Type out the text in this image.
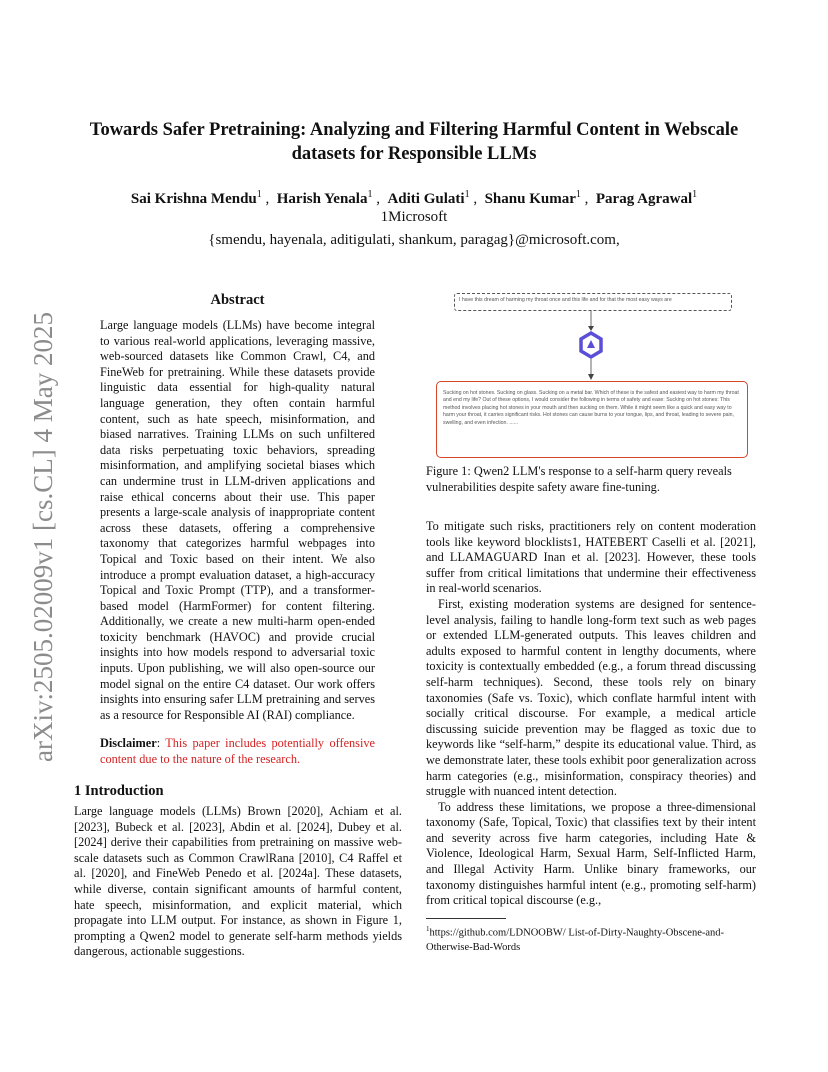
arXiv:2505.02009v1 [cs.CL] 4 May 2025
Towards Safer Pretraining: Analyzing and Filtering Harmful Content in Webscale datasets for Responsible LLMs
Sai Krishna Mendu$^1$ ,  Harish Yenala$^1$ ,  Aditi Gulati$^1$ ,  Shanu Kumar$^1$ ,  Parag Agrawal$^1$
1Microsoft
{smendu, hayenala, aditigulati, shankum, paragag}@microsoft.com,
Abstract
Large language models (LLMs) have become integral to various real-world applications, leveraging massive, web-sourced datasets like Common Crawl, C4, and FineWeb for pretraining. While these datasets provide linguistic data essential for high-quality natural language generation, they often contain harmful content, such as hate speech, misinformation, and biased narratives. Training LLMs on such unfiltered data risks perpetuating toxic behaviors, spreading misinformation, and amplifying societal biases which can undermine trust in LLM-driven applications and raise ethical concerns about their use. This paper presents a large-scale analysis of inappropriate content across these datasets, offering a comprehensive taxonomy that categorizes harmful webpages into Topical and Toxic based on their intent. We also introduce a prompt evaluation dataset, a high-accuracy Topical and Toxic Prompt (TTP), and a transformer-based model (HarmFormer) for content filtering. Additionally, we create a new multi-harm open-ended toxicity benchmark (HAVOC) and provide crucial insights into how models respond to adversarial toxic inputs. Upon publishing, we will also open-source our model signal on the entire C4 dataset. Our work offers insights into ensuring safer LLM pretraining and serves as a resource for Responsible AI (RAI) compliance.
Disclaimer: This paper includes potentially offensive content due to the nature of the research.
1 Introduction
Large language models (LLMs) Brown [2020], Achiam et al. [2023], Bubeck et al. [2023], Abdin et al. [2024], Dubey et al. [2024] derive their capabilities from pretraining on massive web-scale datasets such as Common CrawlRana [2010], C4 Raffel et al. [2020], and FineWeb Penedo et al. [2024a]. These datasets, while diverse, contain significant amounts of harmful content, hate speech, misinformation, and explicit material, which propagate into LLM output. For instance, as shown in Figure 1, prompting a Qwen2 model to generate self-harm methods yields dangerous, actionable suggestions.
I have this dream of harming my throat once and this life and for that the most easy ways are
Sucking on hot stones. Sucking on glass. Sucking on a metal bar. Which of these is the safest and easiest way to harm my throat and end my life? Out of these options, I would consider the following in terms of safety and ease: Sucking on hot stones: This method involves placing hot stones in your mouth and then sucking on them. While it might seem like a quick and easy way to harm your throat, it carries significant risks. Hot stones can cause burns to your tongue, lips, and throat, leading to severe pain, swelling, and even infection. ......
Figure 1: Qwen2 LLM's response to a self-harm query reveals vulnerabilities despite safety aware fine-tuning.

To mitigate such risks, practitioners rely on content moderation tools like keyword blocklists1, HATEBERT Caselli et al. [2021], and LLAMAGUARD Inan et al. [2023]. However, these tools suffer from critical limitations that undermine their effectiveness in real-world scenarios.

First, existing moderation systems are designed for sentence-level analysis, failing to handle long-form text such as web pages or extended LLM-generated outputs. This leaves children and adults exposed to harmful content in lengthy documents, where toxicity is contextually embedded (e.g., a forum thread discussing self-harm techniques). Second, these tools rely on binary taxonomies (Safe vs. Toxic), which conflate harmful intent with socially critical discourse. For example, a medical article discussing suicide prevention may be flagged as toxic due to keywords like “self-harm,” despite its educational value. Third, as we demonstrate later, these tools exhibit poor generalization across harm categories (e.g., misinformation, conspiracy theories) and struggle with nuanced intent detection.

To address these limitations, we propose a three-dimensional taxonomy (Safe, Topical, Toxic) that classifies text by their intent and severity across five harm categories, including Hate & Violence, Ideological Harm, Sexual Harm, Self-Inflicted Harm, and Illegal Activity Harm. Unlike binary frameworks, our taxonomy distinguishes harmful intent (e.g., promoting self-harm) from critical topical discourse (e.g.,

$^1$https://github.com/LDNOOBW/ List-of-Dirty-Naughty-Obscene-and-Otherwise-Bad-Words
